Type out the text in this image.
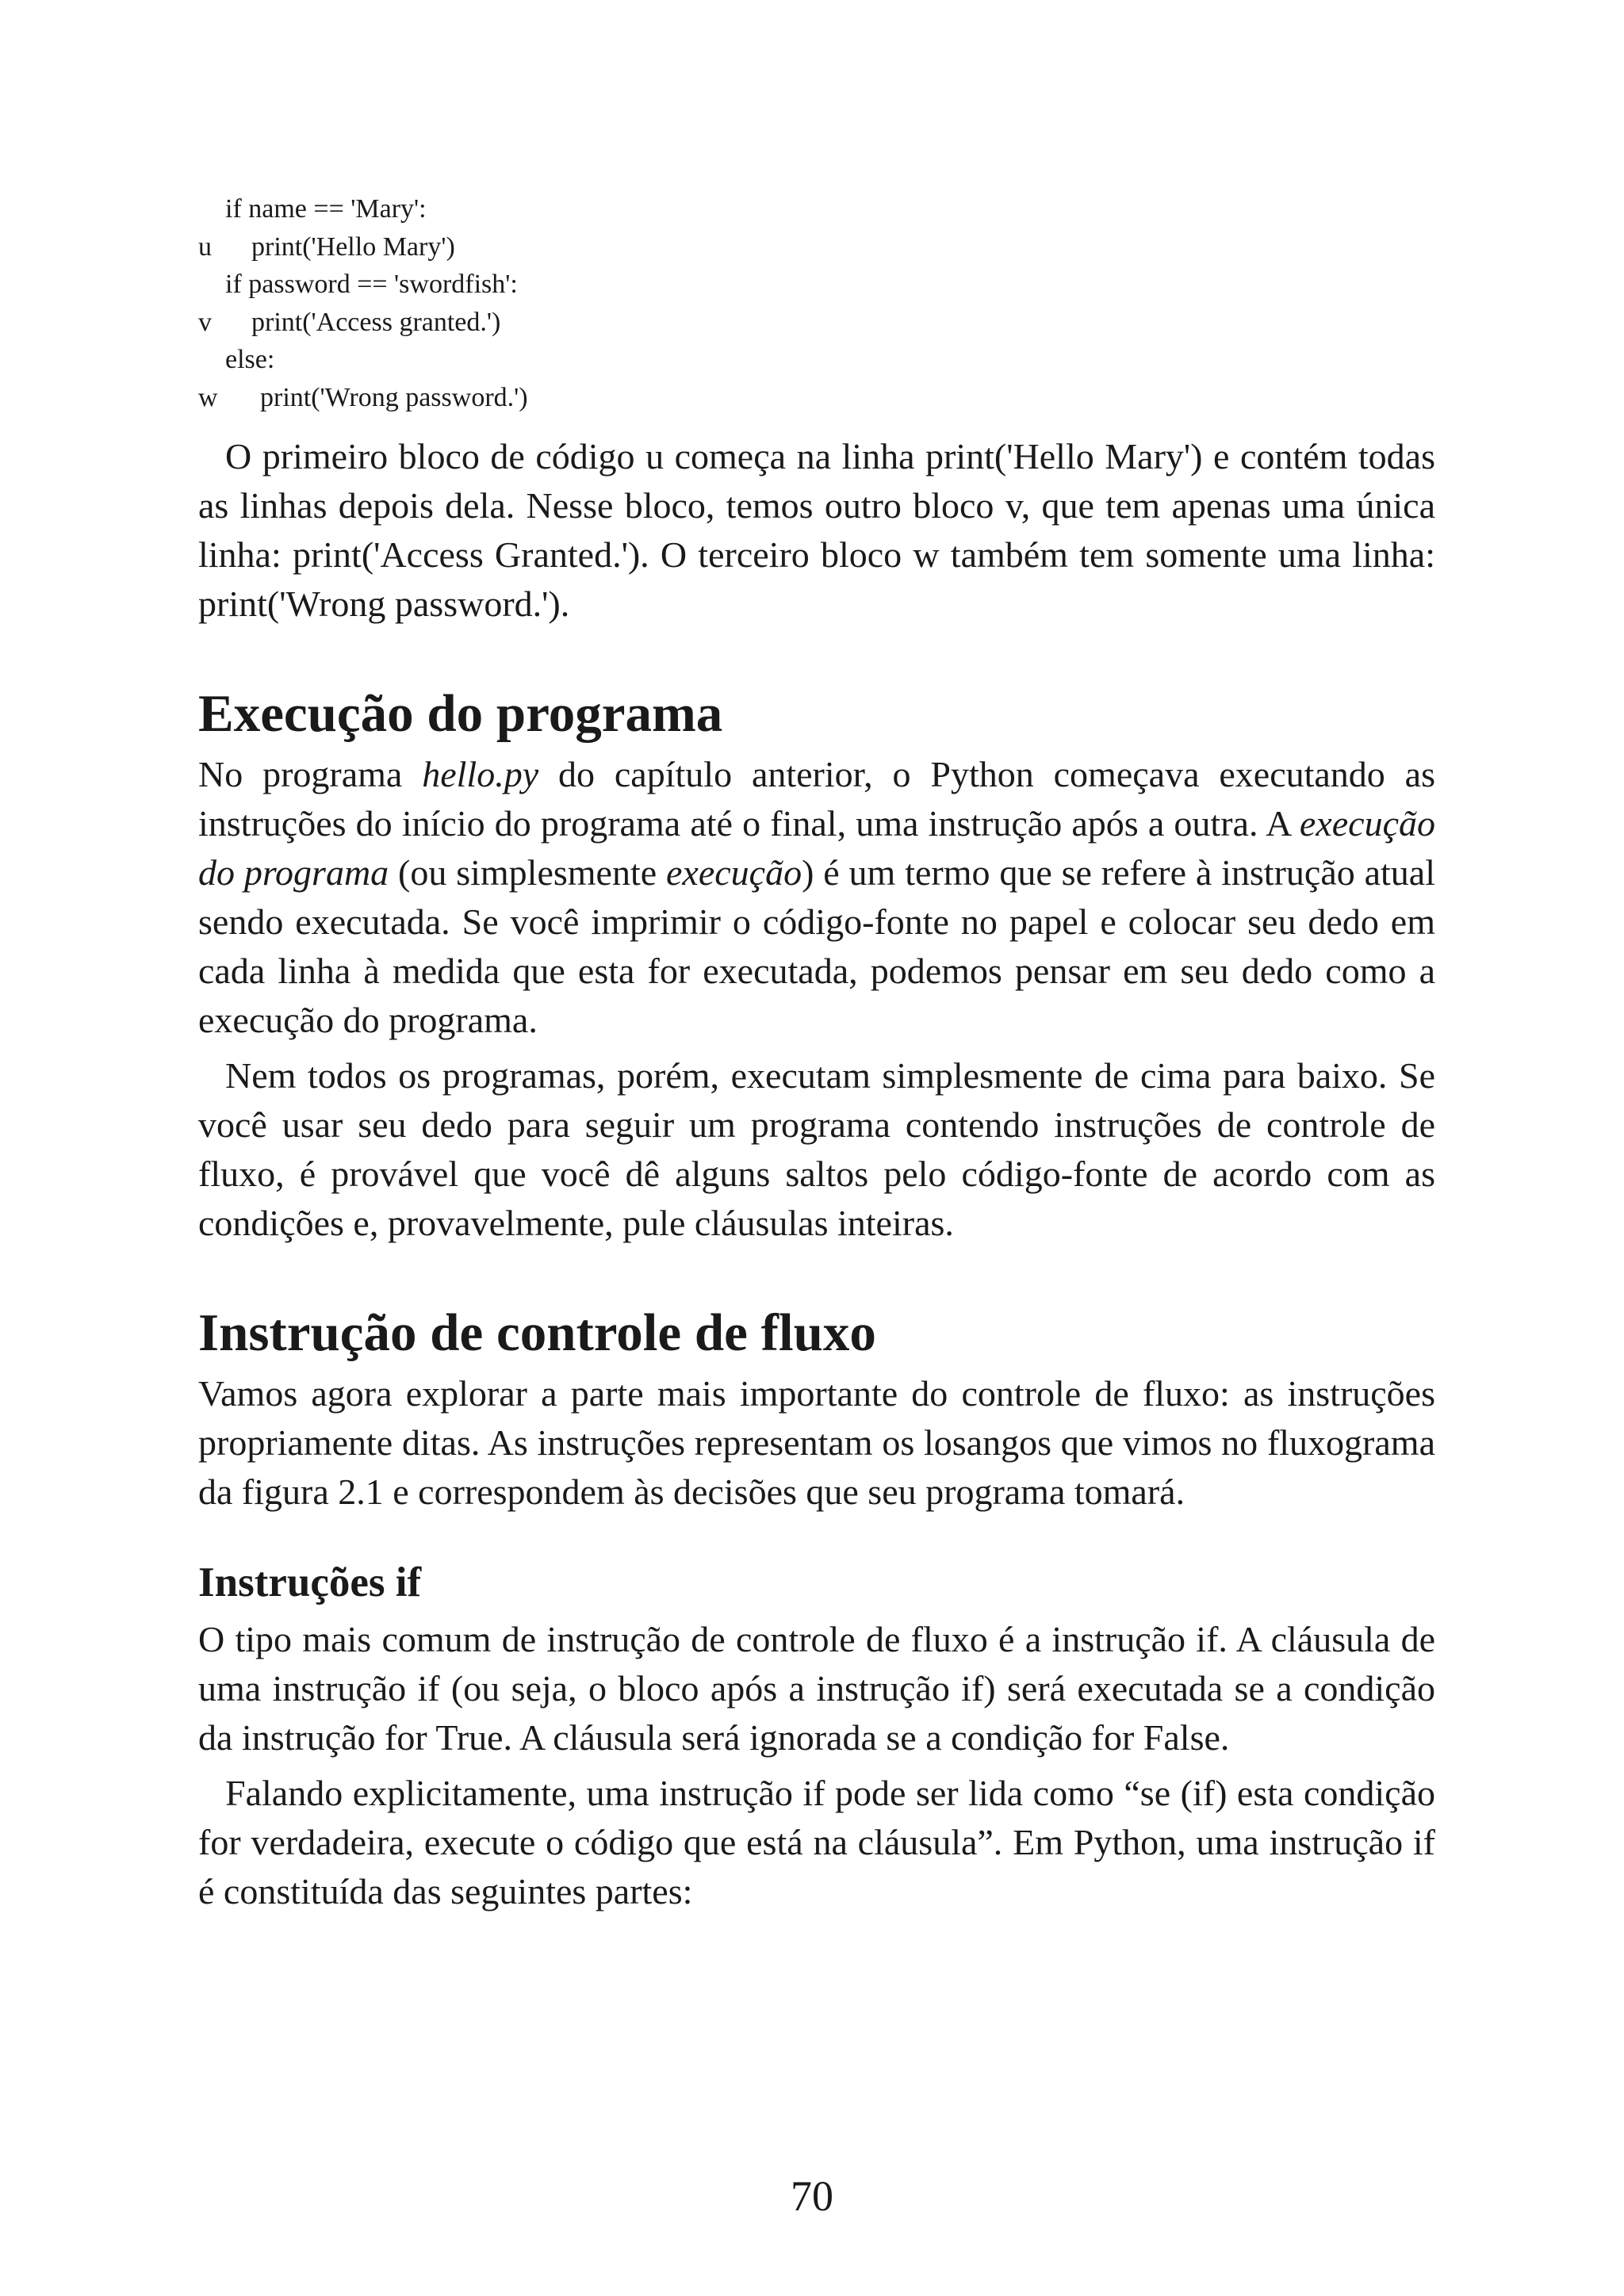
if name == 'Mary':
u	print('Hello Mary')
if password == 'swordfish':
v	print('Access granted.')
else:
w	print('Wrong password.')

O primeiro bloco de código u começa na linha print('Hello Mary') e contém todas as linhas depois dela. Nesse bloco, temos outro bloco v, que tem apenas uma única linha: print('Access Granted.'). O terceiro bloco w também tem somente uma linha: print('Wrong password.').

Execução do programa

No programa hello.py do capítulo anterior, o Python começava executando as instruções do início do programa até o final, uma instrução após a outra. A execução do programa (ou simplesmente execução) é um termo que se refere à instrução atual sendo executada. Se você imprimir o código-fonte no papel e colocar seu dedo em cada linha à medida que esta for executada, podemos pensar em seu dedo como a execução do programa.

Nem todos os programas, porém, executam simplesmente de cima para baixo. Se você usar seu dedo para seguir um programa contendo instruções de controle de fluxo, é provável que você dê alguns saltos pelo código-fonte de acordo com as condições e, provavelmente, pule cláusulas inteiras.

Instrução de controle de fluxo

Vamos agora explorar a parte mais importante do controle de fluxo: as instruções propriamente ditas. As instruções representam os losangos que vimos no fluxograma da figura 2.1 e correspondem às decisões que seu programa tomará.

Instruções if

O tipo mais comum de instrução de controle de fluxo é a instrução if. A cláusula de uma instrução if (ou seja, o bloco após a instrução if) será executada se a condição da instrução for True. A cláusula será ignorada se a condição for False.

Falando explicitamente, uma instrução if pode ser lida como “se (if) esta condição for verdadeira, execute o código que está na cláusula”. Em Python, uma instrução if é constituída das seguintes partes:

70
